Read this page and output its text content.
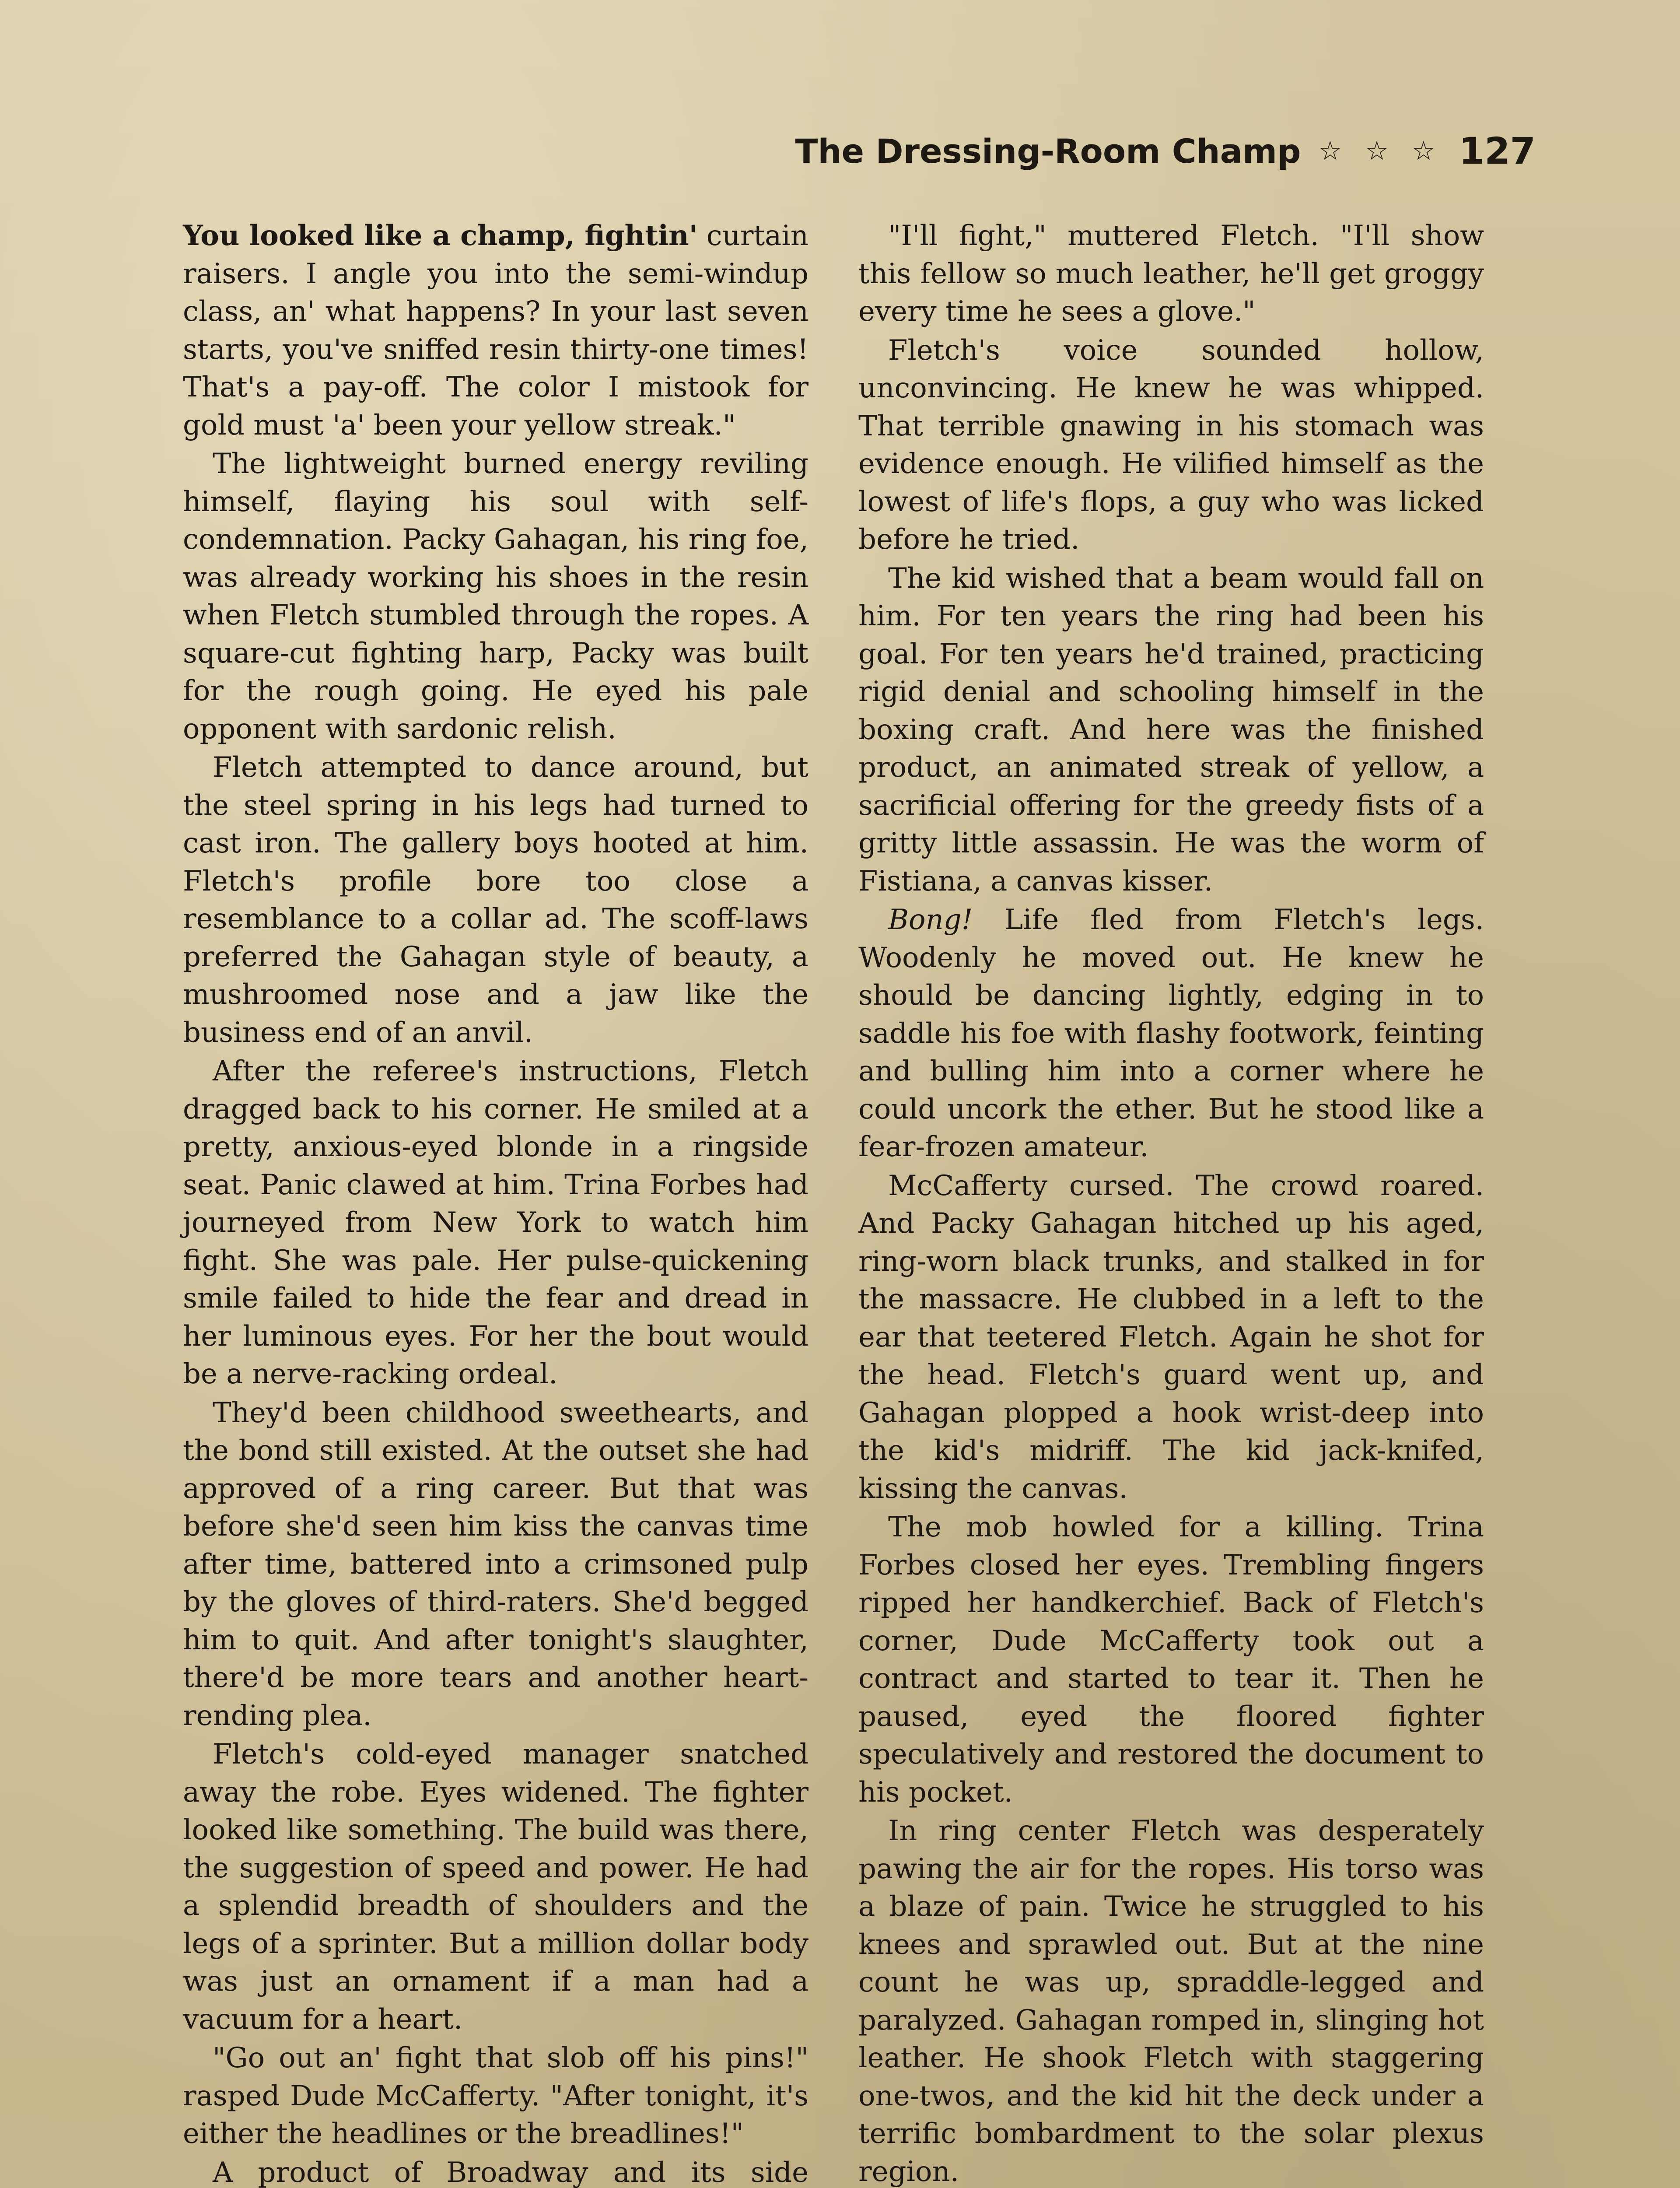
The Dressing-Room Champ ☆ ☆ ☆ 127

You looked like a champ, fightin' curtain raisers. I angle you into the semi-windup class, an' what happens? In your last seven starts, you've sniffed resin thirty-one times! That's a pay-off. The color I mistook for gold must 'a' been your yellow streak."

The lightweight burned energy reviling himself, flaying his soul with self-condemnation. Packy Gahagan, his ring foe, was already working his shoes in the resin when Fletch stumbled through the ropes. A square-cut fighting harp, Packy was built for the rough going. He eyed his pale opponent with sardonic relish.

Fletch attempted to dance around, but the steel spring in his legs had turned to cast iron. The gallery boys hooted at him. Fletch's profile bore too close a resemblance to a collar ad. The scoff-laws preferred the Gahagan style of beauty, a mushroomed nose and a jaw like the business end of an anvil.

After the referee's instructions, Fletch dragged back to his corner. He smiled at a pretty, anxious-eyed blonde in a ringside seat. Panic clawed at him. Trina Forbes had journeyed from New York to watch him fight. She was pale. Her pulse-quickening smile failed to hide the fear and dread in her luminous eyes. For her the bout would be a nerve-racking ordeal.

They'd been childhood sweethearts, and the bond still existed. At the outset she had approved of a ring career. But that was before she'd seen him kiss the canvas time after time, battered into a crimsoned pulp by the gloves of third-raters. She'd begged him to quit. And after tonight's slaughter, there'd be more tears and another heart-rending plea.

Fletch's cold-eyed manager snatched away the robe. Eyes widened. The fighter looked like something. The build was there, the suggestion of speed and power. He had a splendid breadth of shoulders and the legs of a sprinter. But a million dollar body was just an ornament if a man had a vacuum for a heart.

"Go out an' fight that slob off his pins!" rasped Dude McCafferty. "After tonight, it's either the headlines or the breadlines!"

A product of Broadway and its side

"I'll fight," muttered Fletch. "I'll show this fellow so much leather, he'll get groggy every time he sees a glove."

Fletch's voice sounded hollow, unconvincing. He knew he was whipped. That terrible gnawing in his stomach was evidence enough. He vilified himself as the lowest of life's flops, a guy who was licked before he tried.

The kid wished that a beam would fall on him. For ten years the ring had been his goal. For ten years he'd trained, practicing rigid denial and schooling himself in the boxing craft. And here was the finished product, an animated streak of yellow, a sacrificial offering for the greedy fists of a gritty little assassin. He was the worm of Fistiana, a canvas kisser.

Bong! Life fled from Fletch's legs. Woodenly he moved out. He knew he should be dancing lightly, edging in to saddle his foe with flashy footwork, feinting and bulling him into a corner where he could uncork the ether. But he stood like a fear-frozen amateur.

McCafferty cursed. The crowd roared. And Packy Gahagan hitched up his aged, ring-worn black trunks, and stalked in for the massacre. He clubbed in a left to the ear that teetered Fletch. Again he shot for the head. Fletch's guard went up, and Gahagan plopped a hook wrist-deep into the kid's midriff. The kid jack-knifed, kissing the canvas.

The mob howled for a killing. Trina Forbes closed her eyes. Trembling fingers ripped her handkerchief. Back of Fletch's corner, Dude McCafferty took out a contract and started to tear it. Then he paused, eyed the floored fighter speculatively and restored the document to his pocket.

In ring center Fletch was desperately pawing the air for the ropes. His torso was a blaze of pain. Twice he struggled to his knees and sprawled out. But at the nine count he was up, spraddle-legged and paralyzed. Gahagan romped in, slinging hot leather. He shook Fletch with staggering one-twos, and the kid hit the deck under a terrific bombardment to the solar plexus region.
